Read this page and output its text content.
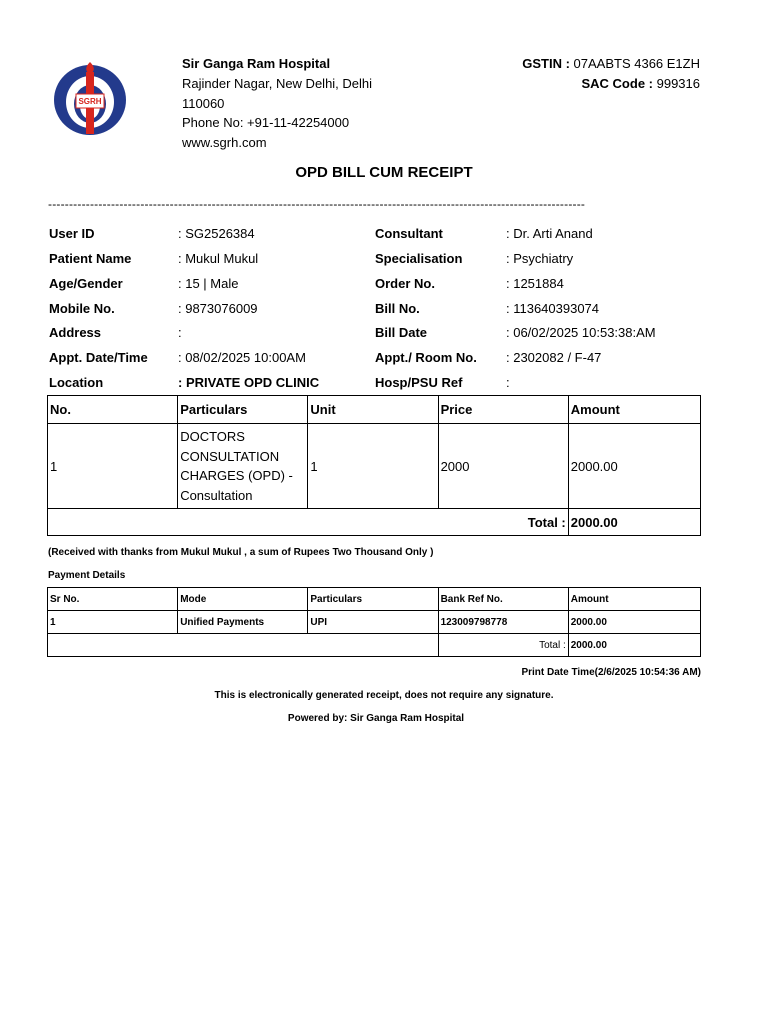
SGRH
Sir Ganga Ram Hospital
Rajinder Nagar, New Delhi, Delhi
110060
Phone No: +91-11-42254000
www.sgrh.com
GSTIN : 07AABTS 4366 E1ZH
SAC Code : 999316
OPD BILL CUM RECEIPT
--------------------------------------------------------------------------------------------------------------------------------
User ID	: SG2526384	Consultant	: Dr. Arti Anand
Patient Name	: Mukul Mukul	Specialisation	: Psychiatry
Age/Gender	: 15 | Male	Order No.	: 1251884
Mobile No.	: 9873076009	Bill No.	: 113640393074
Address	:	Bill Date	: 06/02/2025 10:53:38:AM
Appt. Date/Time : 08/02/2025 10:00AM	Appt./ Room No. : 2302082 / F-47
Location	: PRIVATE OPD CLINIC	Hosp/PSU Ref	:
No.	Particulars	Unit	Price	Amount
1	DOCTORS CONSULTATION CHARGES (OPD) - Consultation	1	2000	2000.00
Total :				2000.00
(Received with thanks from Mukul Mukul , a sum of Rupees Two Thousand Only )
Payment Details
Sr No.	Mode	Particulars	Bank Ref No.	Amount
1	Unified Payments	UPI	123009798778	2000.00
			Total :	2000.00
Print Date Time(2/6/2025 10:54:36 AM)
This is electronically generated receipt, does not require any signature.
Powered by: Sir Ganga Ram Hospital
